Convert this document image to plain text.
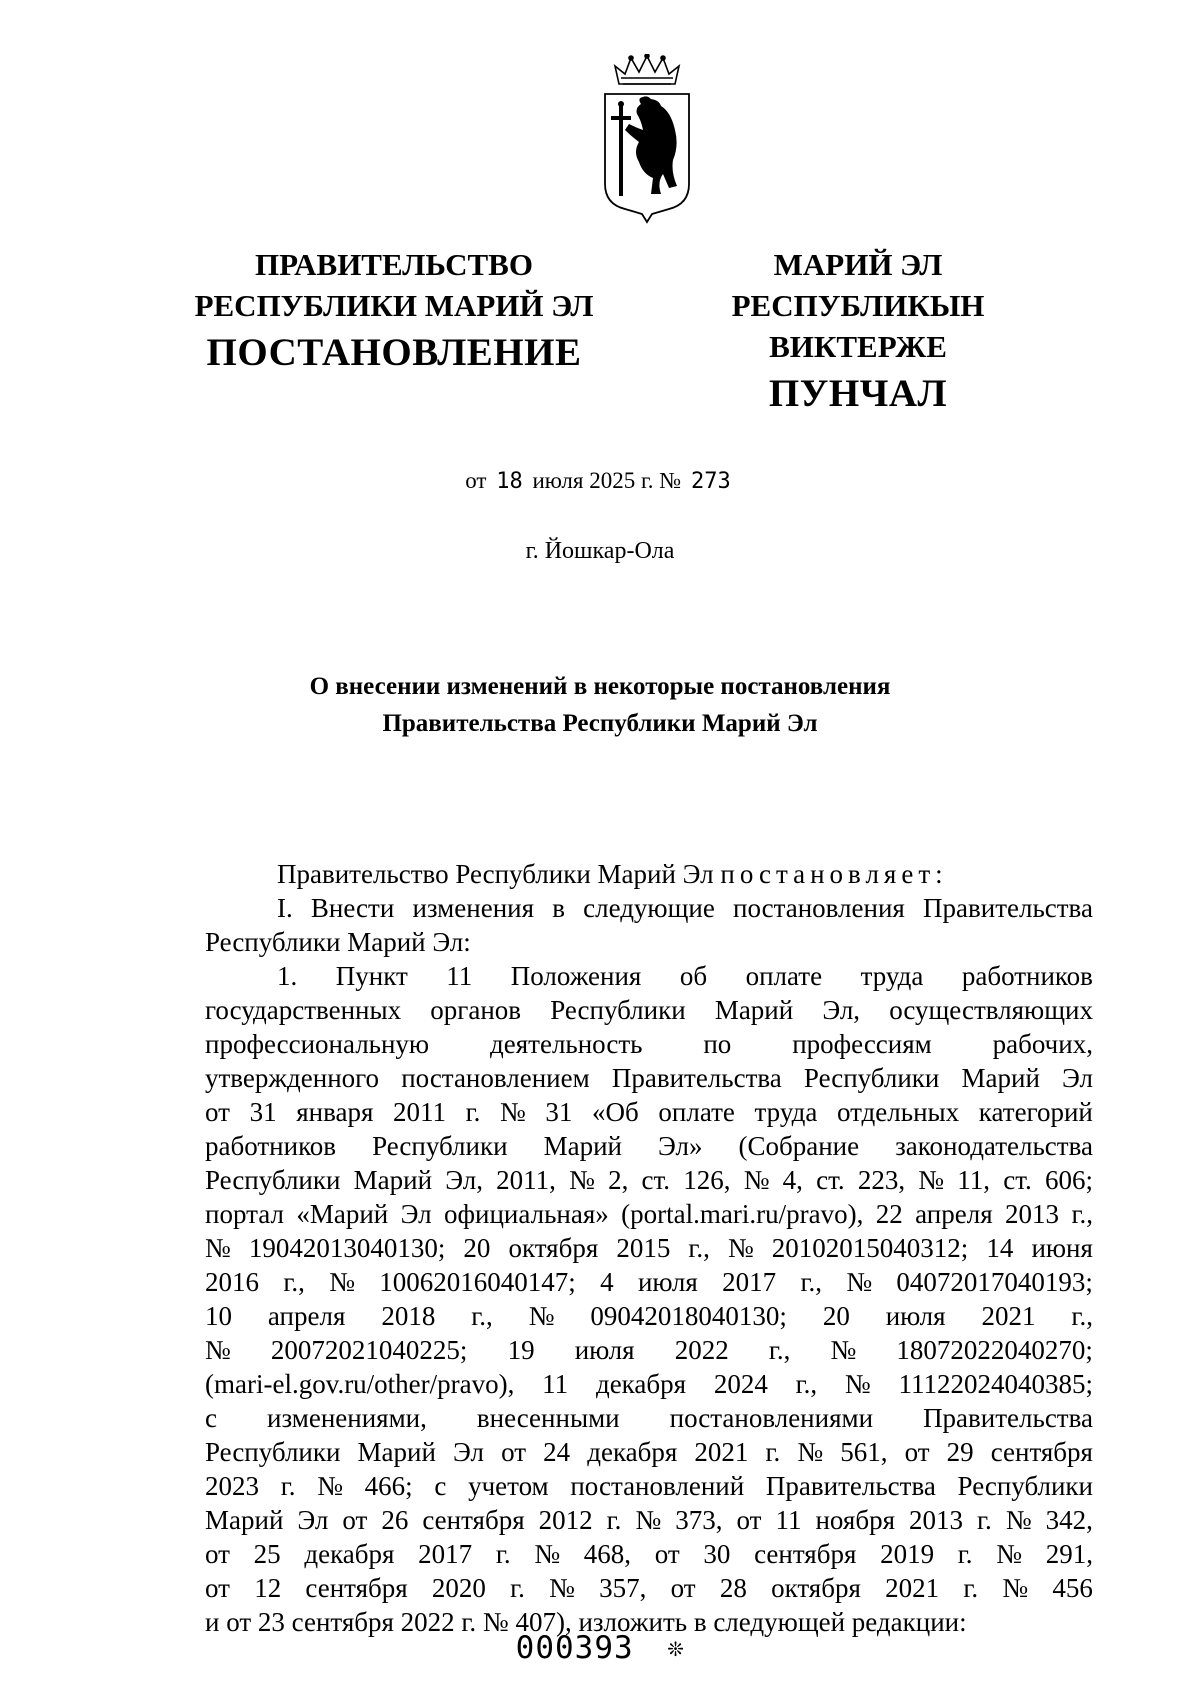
ПРАВИТЕЛЬСТВО
РЕСПУБЛИКИ МАРИЙ ЭЛ
ПОСТАНОВЛЕНИЕ
МАРИЙ ЭЛ РЕСПУБЛИКЫН
ВИКТЕРЖЕ
ПУНЧАЛ
от 18 июля 2025 г. № 273
г. Йошкар-Ола
О внесении изменений в некоторые постановления
Правительства Республики Марий Эл
Правительство Республики Марий Эл
постановляет:
I. Внести изменения в следующие постановления Правительства
Республики Марий Эл:
1. Пункт 11 Положения об оплате труда работников
государственных органов Республики Марий Эл, осуществляющих
профессиональную деятельность по профессиям рабочих,
утвержденного постановлением Правительства Республики Марий Эл
от 31 января 2011 г. № 31 «Об оплате труда отдельных категорий
работников Республики Марий Эл» (Собрание законодательства
Республики Марий Эл, 2011, № 2, ст. 126, № 4, ст. 223, № 11, ст. 606;
портал «Марий Эл официальная» (portal.mari.ru/pravo), 22 апреля 2013 г.,
№ 19042013040130; 20 октября 2015 г., № 20102015040312; 14 июня
2016 г., № 10062016040147; 4 июля 2017 г., № 04072017040193;
10 апреля 2018 г., № 09042018040130; 20 июля 2021 г.,
№ 20072021040225; 19 июля 2022 г., № 18072022040270;
(mari-el.gov.ru/other/pravo), 11 декабря 2024 г., № 11122024040385;
с изменениями, внесенными постановлениями Правительства
Республики Марий Эл от 24 декабря 2021 г. № 561, от 29 сентября
2023 г. № 466; с учетом постановлений Правительства Республики
Марий Эл от 26 сентября 2012 г. № 373, от 11 ноября 2013 г. № 342,
от 25 декабря 2017 г. № 468, от 30 сентября 2019 г. № 291,
от 12 сентября 2020 г. № 357, от 28 октября 2021 г. № 456
и от 23 сентября 2022 г. № 407), изложить в следующей редакции:
000393 ❊
